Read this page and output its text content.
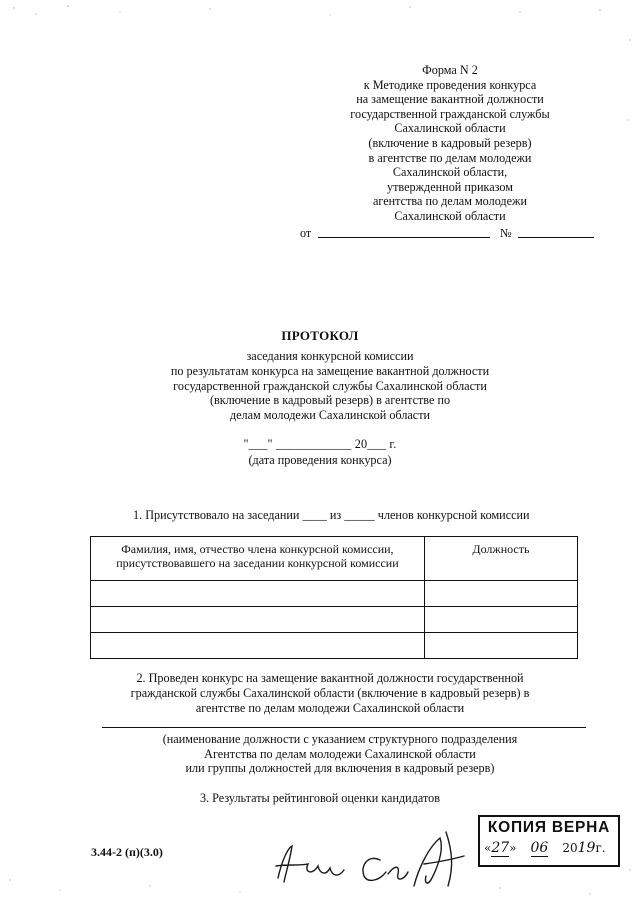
Форма N 2
к Методике проведения конкурса
на замещение вакантной должности
государственной гражданской службы
Сахалинской области
(включение в кадровый резерв)
в агентстве по делам молодежи
Сахалинской области,
утвержденной приказом
агентства по делам молодежи
Сахалинской области
от	№
ПРОТОКОЛ
заседания конкурсной комиссии
по результатам конкурса на замещение вакантной должности
государственной гражданской службы Сахалинской области
(включение в кадровый резерв) в агентстве по
делам молодежи Сахалинской области
"___" ____________ 20___ г.
(дата проведения конкурса)
1. Присутствовало на заседании ____ из _____ членов конкурсной комиссии
Фамилия, имя, отчество члена конкурсной комиссии, присутствовавшего на заседании конкурсной комиссии	Должность

2. Проведен конкурс на замещение вакантной должности государственной
гражданской службы Сахалинской области (включение в кадровый резерв) в
агентстве по делам молодежи Сахалинской области
(наименование должности с указанием структурного подразделения
Агентства по делам молодежи Сахалинской области
или группы должностей для включения в кадровый резерв)
3. Результаты рейтинговой оценки кандидатов
3.44-2 (п)(3.0)
КОПИЯ ВЕРНА
«27» 06 2019г.
